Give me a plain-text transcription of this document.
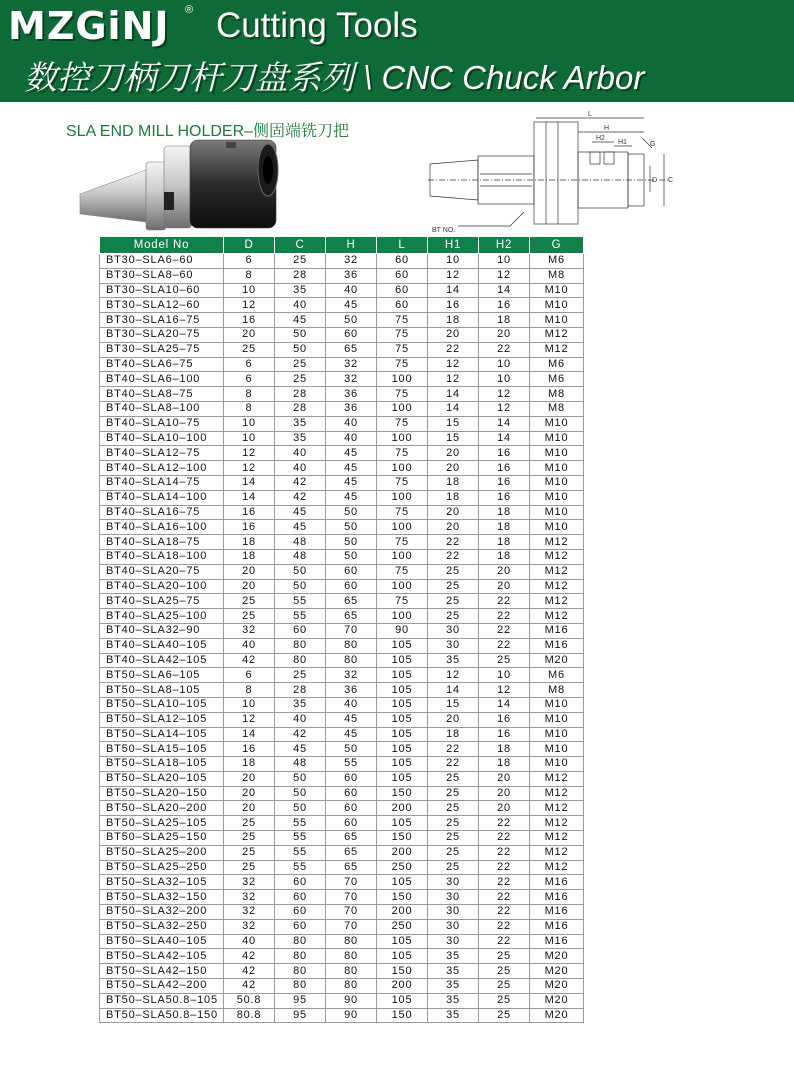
MZGiNJ ® Cutting Tools
数控刀柄刀杆刀盘系列 \ CNC Chuck Arbor
SLA END MILL HOLDER–侧固端铣刀把
L
H
H2
H1	G
D C
BT NO.
Model No	D	C	H	L	H1	H2	G
BT30–SLA6–60	6	25	32	60	10	10	M6
BT30–SLA8–60	8	28	36	60	12	12	M8
BT30–SLA10–60	10	35	40	60	14	14	M10
BT30–SLA12–60	12	40	45	60	16	16	M10
BT30–SLA16–75	16	45	50	75	18	18	M10
BT30–SLA20–75	20	50	60	75	20	20	M12
BT30–SLA25–75	25	50	65	75	22	22	M12
BT40–SLA6–75	6	25	32	75	12	10	M6
BT40–SLA6–100	6	25	32	100	12	10	M6
BT40–SLA8–75	8	28	36	75	14	12	M8
BT40–SLA8–100	8	28	36	100	14	12	M8
BT40–SLA10–75	10	35	40	75	15	14	M10
BT40–SLA10–100	10	35	40	100	15	14	M10
BT40–SLA12–75	12	40	45	75	20	16	M10
BT40–SLA12–100	12	40	45	100	20	16	M10
BT40–SLA14–75	14	42	45	75	18	16	M10
BT40–SLA14–100	14	42	45	100	18	16	M10
BT40–SLA16–75	16	45	50	75	20	18	M10
BT40–SLA16–100	16	45	50	100	20	18	M10
BT40–SLA18–75	18	48	50	75	22	18	M12
BT40–SLA18–100	18	48	50	100	22	18	M12
BT40–SLA20–75	20	50	60	75	25	20	M12
BT40–SLA20–100	20	50	60	100	25	20	M12
BT40–SLA25–75	25	55	65	75	25	22	M12
BT40–SLA25–100	25	55	65	100	25	22	M12
BT40–SLA32–90	32	60	70	90	30	22	M16
BT40–SLA40–105	40	80	80	105	30	22	M16
BT40–SLA42–105	42	80	80	105	35	25	M20
BT50–SLA6–105	6	25	32	105	12	10	M6
BT50–SLA8–105	8	28	36	105	14	12	M8
BT50–SLA10–105	10	35	40	105	15	14	M10
BT50–SLA12–105	12	40	45	105	20	16	M10
BT50–SLA14–105	14	42	45	105	18	16	M10
BT50–SLA15–105	16	45	50	105	22	18	M10
BT50–SLA18–105	18	48	55	105	22	18	M10
BT50–SLA20–105	20	50	60	105	25	20	M12
BT50–SLA20–150	20	50	60	150	25	20	M12
BT50–SLA20–200	20	50	60	200	25	20	M12
BT50–SLA25–105	25	55	60	105	25	22	M12
BT50–SLA25–150	25	55	65	150	25	22	M12
BT50–SLA25–200	25	55	65	200	25	22	M12
BT50–SLA25–250	25	55	65	250	25	22	M12
BT50–SLA32–105	32	60	70	105	30	22	M16
BT50–SLA32–150	32	60	70	150	30	22	M16
BT50–SLA32–200	32	60	70	200	30	22	M16
BT50–SLA32–250	32	60	70	250	30	22	M16
BT50–SLA40–105	40	80	80	105	30	22	M16
BT50–SLA42–105	42	80	80	105	35	25	M20
BT50–SLA42–150	42	80	80	150	35	25	M20
BT50–SLA42–200	42	80	80	200	35	25	M20
BT50–SLA50.8–105	50.8	95	90	105	35	25	M20
BT50–SLA50.8–150	80.8	95	90	150	35	25	M20
